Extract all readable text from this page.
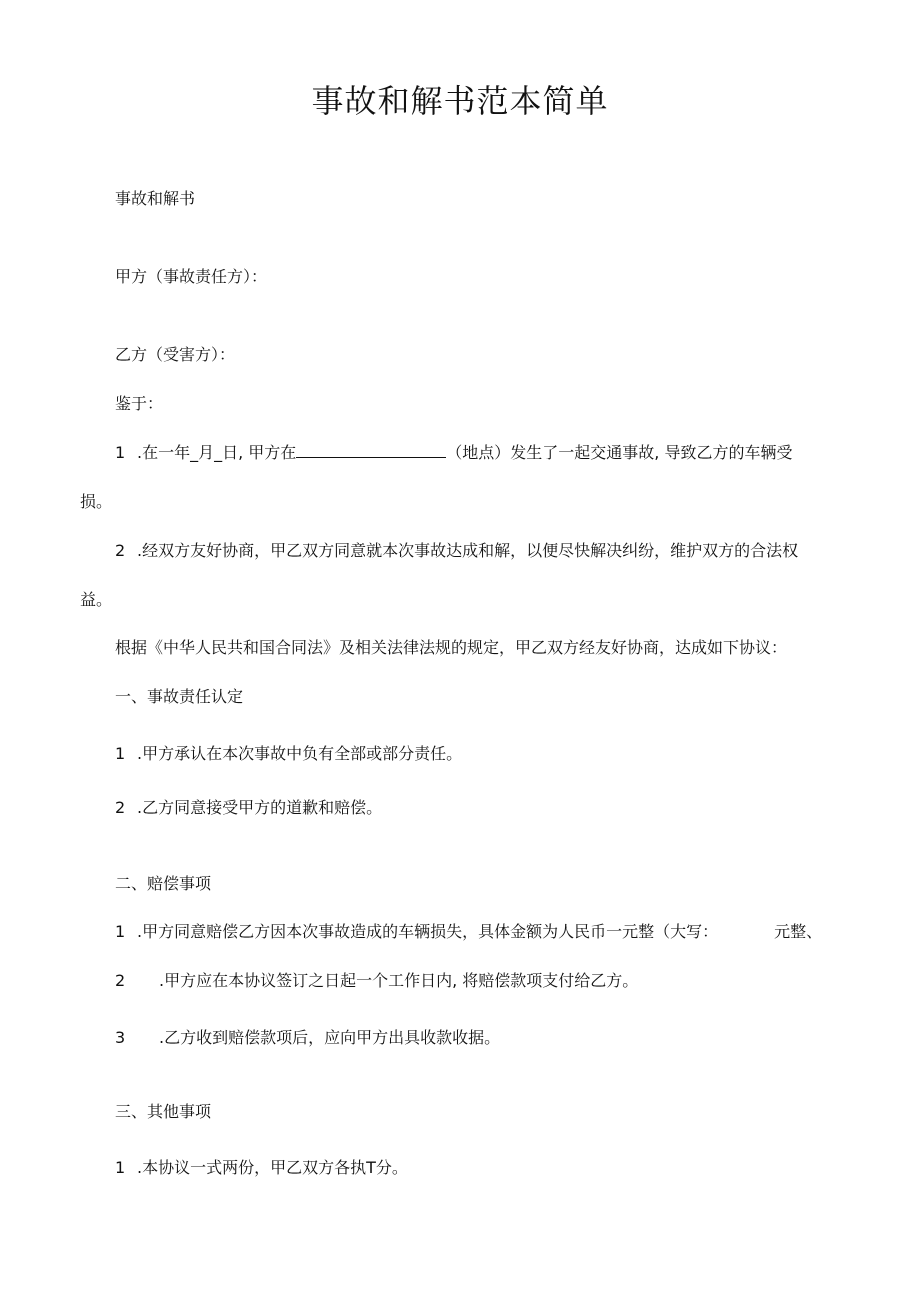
事故和解书范本简单
事故和解书
甲方（事故责任方）：
乙方（受害方）：
鉴于：
1 .在一年_月_日, 甲方在	（地点）发生了一起交通事故, 导致乙方的车辆受
损。
2 .经双方友好协商，甲乙双方同意就本次事故达成和解，以便尽快解决纠纷，维护双方的合法权
益。
根据《中华人民共和国合同法》及相关法律法规的规定，甲乙双方经友好协商，达成如下协议：
一、事故责任认定
1 .甲方承认在本次事故中负有全部或部分责任。
2 .乙方同意接受甲方的道歉和赔偿。
二、赔偿事项
1 .甲方同意赔偿乙方因本次事故造成的车辆损失，具体金额为人民币一元整（大写：	元整、
2 .甲方应在本协议签订之日起一个工作日内, 将赔偿款项支付给乙方。
3 .乙方收到赔偿款项后，应向甲方出具收款收据。
三、其他事项
1 .本协议一式两份，甲乙双方各执T分。
